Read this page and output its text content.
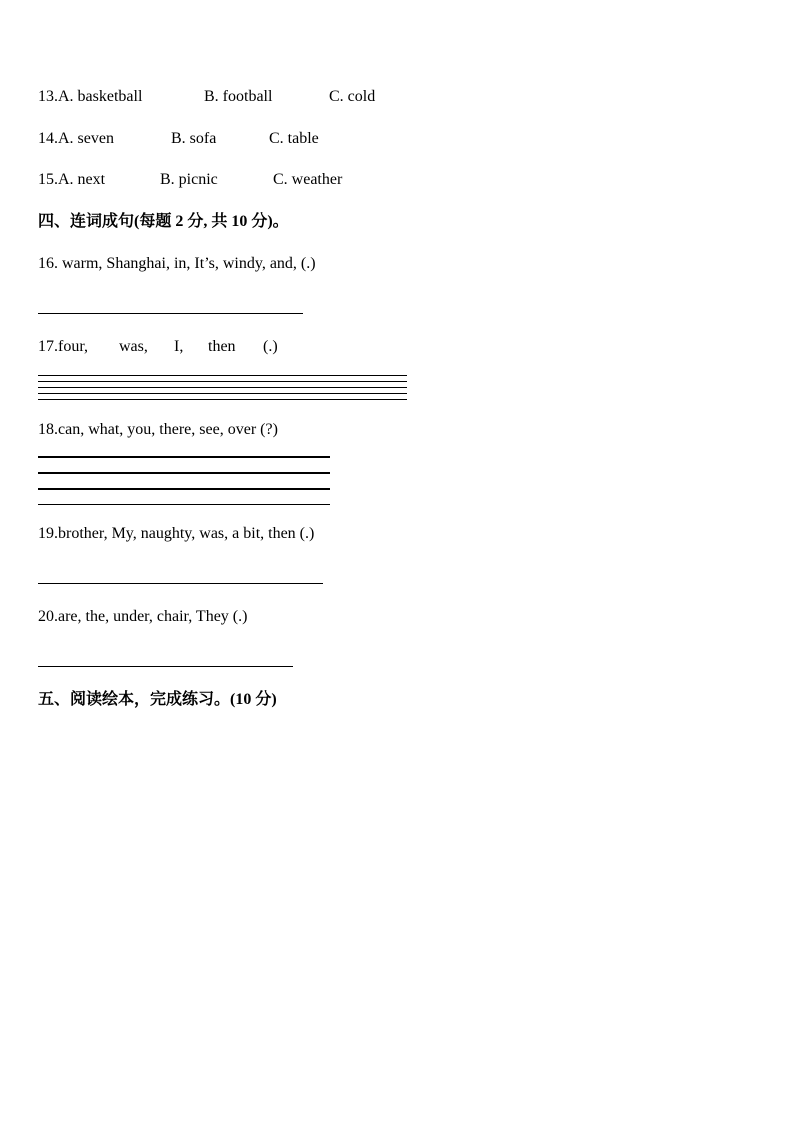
13.A. basketball	B. football	C. cold
14.A. seven	B. sofa	C. table
15.A. next	B. picnic	C. weather
四、连词成句(每题 2 分, 共 10 分)。
16. warm, Shanghai, in, It’s, windy, and, (.)
17.four, was, I, then (.)
18.can, what, you, there, see, over (?)
19.brother, My, naughty, was, a bit, then (.)
20.are, the, under, chair, They (.)
五、阅读绘本，完成练习。(10 分)
